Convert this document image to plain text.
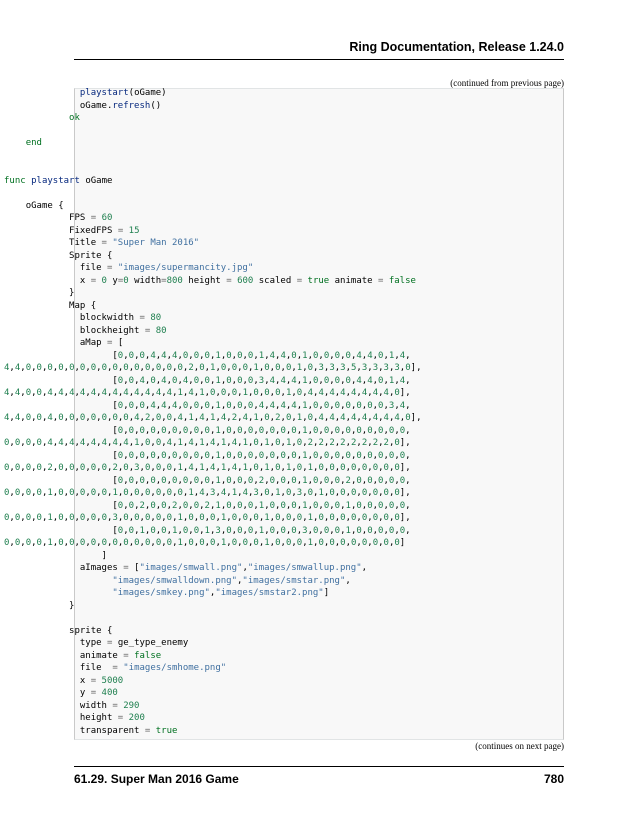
Ring Documentation, Release 1.24.0
(continued from previous page)
playstart(oGame)
oGame.refresh()
ok
end
func playstart oGame
oGame {
FPS = 60
FixedFPS = 15
Title = "Super Man 2016"
Sprite {
file = "images/supermancity.jpg"
x = 0 y=0 width=800 height = 600 scaled = true animate = false
}
Map {
blockwidth = 80
blockheight = 80
aMap = [
[0,0,0,4,4,4,0,0,0,1,0,0,0,1,4,4,0,1,0,0,0,0,4,4,0,1,4,
4,4,0,0,0,0,0,0,0,0,0,0,0,0,0,0,0,2,0,1,0,0,0,1,0,0,0,1,0,3,3,3,5,3,3,3,3,0],
[0,0,4,0,4,0,4,0,0,1,0,0,0,3,4,4,4,1,0,0,0,0,4,4,0,1,4,
4,4,0,0,4,4,4,4,4,4,4,4,4,4,4,4,1,4,1,0,0,0,1,0,0,0,1,0,4,4,4,4,4,4,4,4,0],
[0,0,0,4,4,4,0,0,0,1,0,0,0,4,4,4,4,1,0,0,0,0,0,0,0,3,4,
4,4,0,0,4,0,0,0,0,0,0,0,4,2,0,0,4,1,4,1,4,2,4,1,0,2,0,1,0,4,4,4,4,4,4,4,4,0],
[0,0,0,0,0,0,0,0,0,1,0,0,0,0,0,0,0,1,0,0,0,0,0,0,0,0,0,
0,0,0,0,4,4,4,4,4,4,4,4,1,0,0,4,1,4,1,4,1,4,1,0,1,0,1,0,2,2,2,2,2,2,2,2,0],
[0,0,0,0,0,0,0,0,0,1,0,0,0,0,0,0,0,1,0,0,0,0,0,0,0,0,0,
0,0,0,0,2,0,0,0,0,0,2,0,3,0,0,0,1,4,1,4,1,4,1,0,1,0,1,0,1,0,0,0,0,0,0,0,0],
[0,0,0,0,0,0,0,0,0,1,0,0,0,2,0,0,0,1,0,0,0,2,0,0,0,0,0,
0,0,0,0,1,0,0,0,0,0,1,0,0,0,0,0,0,1,4,3,4,1,4,3,0,1,0,3,0,1,0,0,0,0,0,0,0],
[0,0,2,0,0,2,0,0,2,1,0,0,0,1,0,0,0,1,0,0,0,1,0,0,0,0,0,
0,0,0,0,1,0,0,0,0,0,3,0,0,0,0,0,1,0,0,0,1,0,0,0,1,0,0,0,1,0,0,0,0,0,0,0,0],
[0,0,1,0,0,1,0,0,1,3,0,0,0,1,0,0,0,3,0,0,0,1,0,0,0,0,0,
0,0,0,0,1,0,0,0,0,0,0,0,0,0,0,0,1,0,0,0,1,0,0,0,1,0,0,0,1,0,0,0,0,0,0,0,0]
]
aImages = ["images/smwall.png","images/smwallup.png",
"images/smwalldown.png","images/smstar.png",
"images/smkey.png","images/smstar2.png"]
}
sprite {
type = ge_type_enemy
animate = false
file = "images/smhome.png"
x = 5000
y = 400
width = 290
height = 200
transparent = true
(continues on next page)
61.29. Super Man 2016 Game	780
